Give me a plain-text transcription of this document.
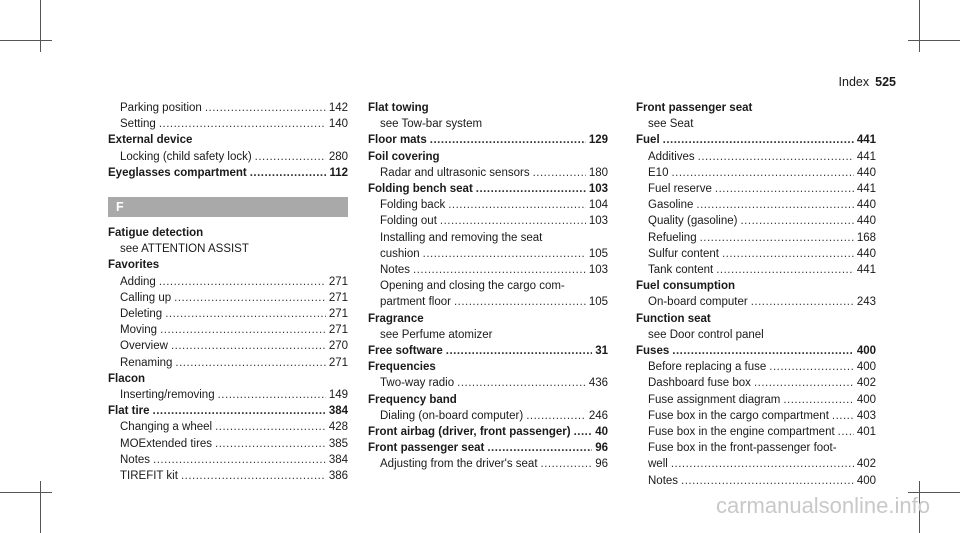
Index 525
Parking position .....	142
Setting .....	140
External device
Locking (child safety lock) .....	280
Eyeglasses compartment .....	112
F
Fatigue detection
see ATTENTION ASSIST
Favorites
Adding .....	271
Calling up .....	271
Deleting .....	271
Moving .....	271
Overview .....	270
Renaming .....	271
Flacon
Inserting/removing .....	149
Flat tire .....	384
Changing a wheel .....	428
MOExtended tires .....	385
Notes .....	384
TIREFIT kit .....	386
Flat towing
see Tow-bar system
Floor mats .....	129
Foil covering
Radar and ultrasonic sensors .....	180
Folding bench seat .....	103
Folding back .....	104
Folding out .....	103
Installing and removing the seat
cushion .....	105
Notes .....	103
Opening and closing the cargo com-
partment floor .....	105
Fragrance
see Perfume atomizer
Free software .....	31
Frequencies
Two-way radio .....	436
Frequency band
Dialing (on-board computer) .....	246
Front airbag (driver, front passenger) ..... 40
Front passenger seat .....	96
Adjusting from the driver's seat .....	96
Front passenger seat
see Seat
Fuel .....	441
Additives .....	441
E10 .....	440
Fuel reserve .....	441
Gasoline .....	440
Quality (gasoline) .....	440
Refueling .....	168
Sulfur content .....	440
Tank content .....	441
Fuel consumption
On-board computer .....	243
Function seat
see Door control panel
Fuses .....	400
Before replacing a fuse .....	400
Dashboard fuse box .....	402
Fuse assignment diagram .....	400
Fuse box in the cargo compartment ..... 403
Fuse box in the engine compartment ..... 401
Fuse box in the front-passenger foot-
well .....	402
Notes .....	400
carmanualsonline.info
